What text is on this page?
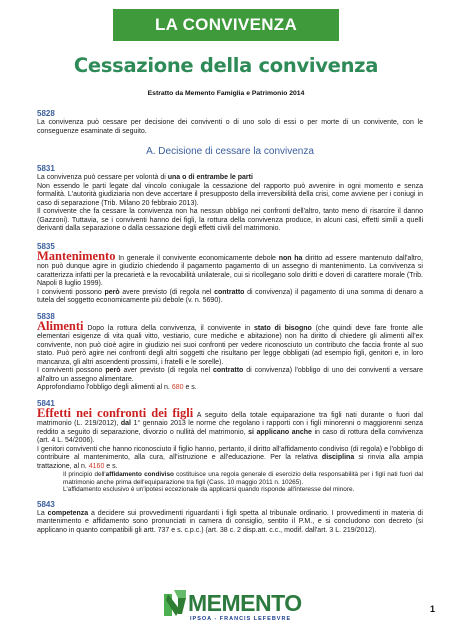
LA CONVIVENZA
Cessazione della convivenza
Estratto da Memento Famiglia e Patrimonio 2014
5828
La convivenza può cessare per decisione dei conviventi o di uno solo di essi o per morte di un convivente, con le conseguenze esaminate di seguito.
A. Decisione di cessare la convivenza
5831
La convivenza può cessare per volontà di una o di entrambe le parti
Non essendo le parti legate dal vincolo coniugale la cessazione del rapporto può avvenire in ogni momento e senza formalità. L'autorità giudiziaria non deve accertare il presupposto della irreversibilità della crisi, come avviene per i coniugi in caso di separazione (Trib. Milano 20 febbraio 2013).
Il convivente che fa cessare la convivenza non ha nessun obbligo nei confronti dell'altro, tanto meno di risarcire il danno (Gazzoni). Tuttavia, se i conviventi hanno dei figli, la rottura della convivenza produce, in alcuni casi, effetti simili a quelli derivanti dalla separazione o dalla cessazione degli effetti civili del matrimonio.
5835
Mantenimento In generale il convivente economicamente debole non ha diritto ad essere mantenuto dall'altro, non può dunque agire in giudizio chiedendo il pagamento pagamento di un assegno di mantenimento. La convivenza si caratterizza infatti per la precarietà e la revocabilità unilaterale, cui si ricollegano solo diritti e doveri di carattere morale (Trib. Napoli 8 luglio 1999).
I conviventi possono però avere previsto (di regola nel contratto di convivenza) il pagamento di una somma di denaro a tutela del soggetto economicamente più debole (v. n. 5690).
5838
Alimenti Dopo la rottura della convivenza, il convivente in stato di bisogno (che quindi deve fare fronte alle elementari esigenze di vita quali vitto, vestiario, cure mediche e abitazione) non ha diritto di chiedere gli alimenti all'ex convivente, non può cioè agire in giudizio nei suoi confronti per vedere riconosciuto un contributo che faccia fronte al suo stato. Può però agire nei confronti degli altri soggetti che risultano per legge obbligati (ad esempio figli, genitori e, in loro mancanza, gli altri ascendenti prossimi, i fratelli e le sorelle).
I conviventi possono però aver previsto (di regola nel contratto di convivenza) l'obbligo di uno dei conviventi a versare all'altro un assegno alimentare.
Approfondiamo l'obbligo degli alimenti al n. 680 e s.
5841
Effetti nei confronti dei figli A seguito della totale equiparazione tra figli nati durante o fuori dal matrimonio (L. 219/2012), dal 1° gennaio 2013 le norme che regolano i rapporti con i figli minorenni o maggiorenni senza reddito a seguito di separazione, divorzio o nullità del matrimonio, si applicano anche in caso di rottura della convivenza (art. 4 L. 54/2006).
I genitori conviventi che hanno riconosciuto il figlio hanno, pertanto, il diritto all'affidamento condiviso (di regola) e l'obbligo di contribuire al mantenimento, alla cura, all'istruzione e all'educazione. Per la relativa disciplina si rinvia alla ampia trattazione, al n. 4160 e s.
Il principio dell'affidamento condiviso costituisce una regola generale di esercizio della responsabilità per i figli nati fuori dal matrimonio anche prima dell'equiparazione tra figli (Cass. 10 maggio 2011 n. 10265).
L'affidamento esclusivo è un'ipotesi eccezionale da applicarsi quando risponde all'interesse del minore.
5843
La competenza a decidere sui provvedimenti riguardanti i figli spetta al tribunale ordinario. I provvedimenti in materia di mantenimento e affidamento sono pronunciati in camera di consiglio, sentito il P.M., e si concludono con decreto (si applicano in quanto compatibili gli artt. 737 e s. c.p.c.) (art. 38 c. 2 disp.att. c.c., modif. dall'art. 3 L. 219/2012).
MEMENTO
IPSOA - FRANCIS LEFEBVRE
1
